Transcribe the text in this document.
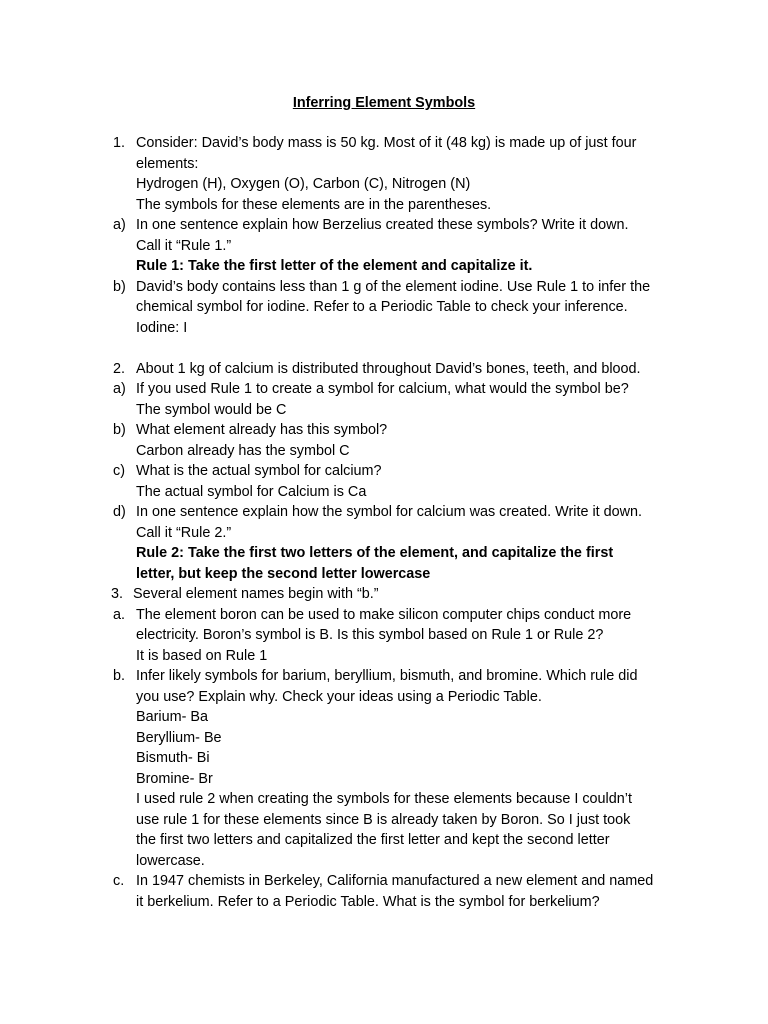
Inferring Element Symbols
1. Consider: David’s body mass is 50 kg. Most of it (48 kg) is made up of just four
elements:
Hydrogen (H), Oxygen (O), Carbon (C), Nitrogen (N)
The symbols for these elements are in the parentheses.
a) In one sentence explain how Berzelius created these symbols? Write it down.
Call it “Rule 1.”
Rule 1: Take the first letter of the element and capitalize it.
b) David’s body contains less than 1 g of the element iodine. Use Rule 1 to infer the
chemical symbol for iodine. Refer to a Periodic Table to check your inference.
Iodine: I
2. About 1 kg of calcium is distributed throughout David’s bones, teeth, and blood.
a) If you used Rule 1 to create a symbol for calcium, what would the symbol be?
The symbol would be C
b) What element already has this symbol?
Carbon already has the symbol C
c) What is the actual symbol for calcium?
The actual symbol for Calcium is Ca
d) In one sentence explain how the symbol for calcium was created. Write it down.
Call it “Rule 2.”
Rule 2: Take the first two letters of the element, and capitalize the first
letter, but keep the second letter lowercase
3. Several element names begin with “b.”
a. The element boron can be used to make silicon computer chips conduct more
electricity. Boron’s symbol is B. Is this symbol based on Rule 1 or Rule 2?
It is based on Rule 1
b. Infer likely symbols for barium, beryllium, bismuth, and bromine. Which rule did
you use? Explain why. Check your ideas using a Periodic Table.
Barium- Ba
Beryllium- Be
Bismuth- Bi
Bromine- Br
I used rule 2 when creating the symbols for these elements because I couldn’t
use rule 1 for these elements since B is already taken by Boron. So I just took
the first two letters and capitalized the first letter and kept the second letter
lowercase.
c. In 1947 chemists in Berkeley, California manufactured a new element and named
it berkelium. Refer to a Periodic Table. What is the symbol for berkelium?
